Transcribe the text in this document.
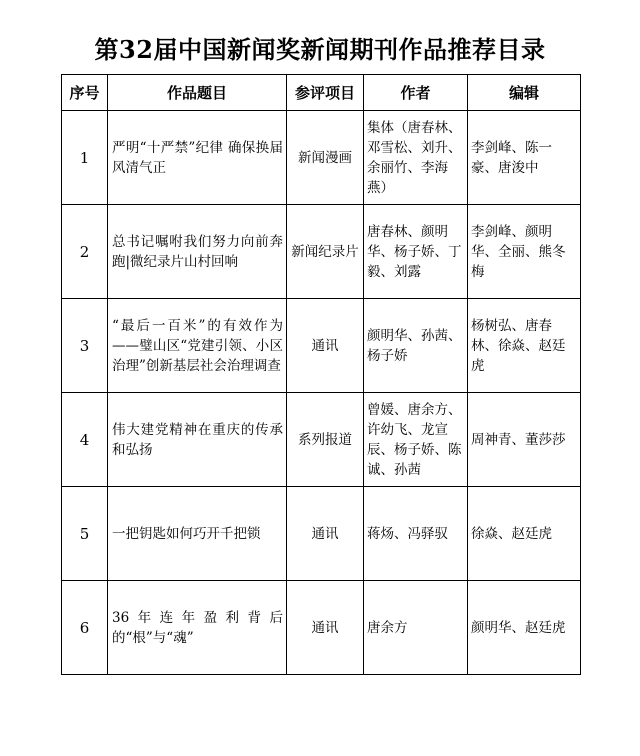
第32届中国新闻奖新闻期刊作品推荐目录
序号	作品题目	参评项目	作者	编辑
1	严明“十严禁”纪律 确保换届风清气正	新闻漫画	集体（唐春林、邓雪松、刘升、余丽竹、李海燕）	李剑峰、陈一豪、唐浚中

2	总书记嘱咐我们努力向前奔跑|微纪录片山村回响	新闻纪录片	唐春林、颜明华、杨子娇、丁毅、刘露	李剑峰、颜明华、全丽、熊冬梅

3	“最后一百米”的有效作为——璧山区“党建引领、小区治理”创新基层社会治理调查	通讯	颜明华、孙茜、杨子娇	杨树弘、唐春林、徐焱、赵廷虎

4	伟大建党精神在重庆的传承和弘扬	系列报道	曾媛、唐余方、许幼飞、龙宣辰、杨子娇、陈诚、孙茜	周神青、董莎莎

5	一把钥匙如何巧开千把锁	通讯	蒋炀、冯驿驭	徐焱、赵廷虎

6	36年连年盈利背后的“根”与“魂”	通讯	唐余方	颜明华、赵廷虎
